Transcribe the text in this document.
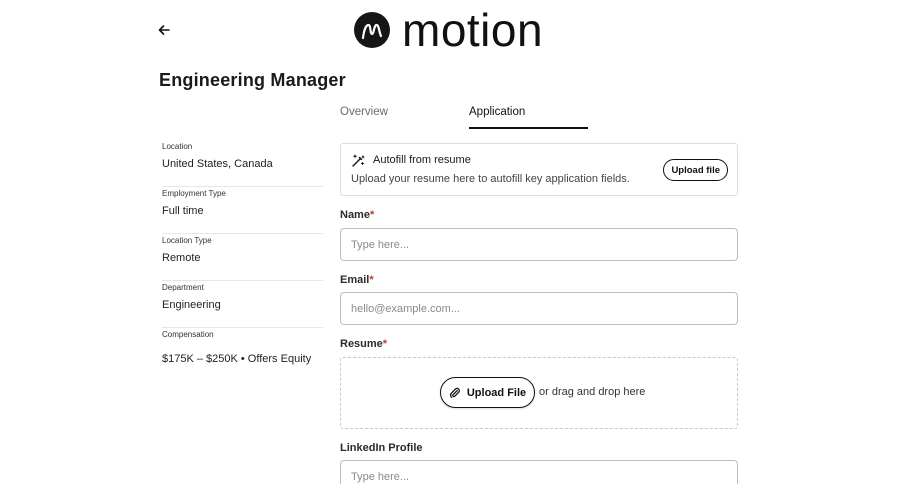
motion
Engineering Manager
Location
United States, Canada
Employment Type
Full time
Location Type
Remote
Department
Engineering
Compensation
$175K – $250K • Offers Equity
Overview	Application
Autofill from resume
Upload your resume here to autofill key application fields.
Upload file
Name*
Type here...
Email*
hello@example.com...
Resume*
Upload File or drag and drop here
LinkedIn Profile
Type here...
